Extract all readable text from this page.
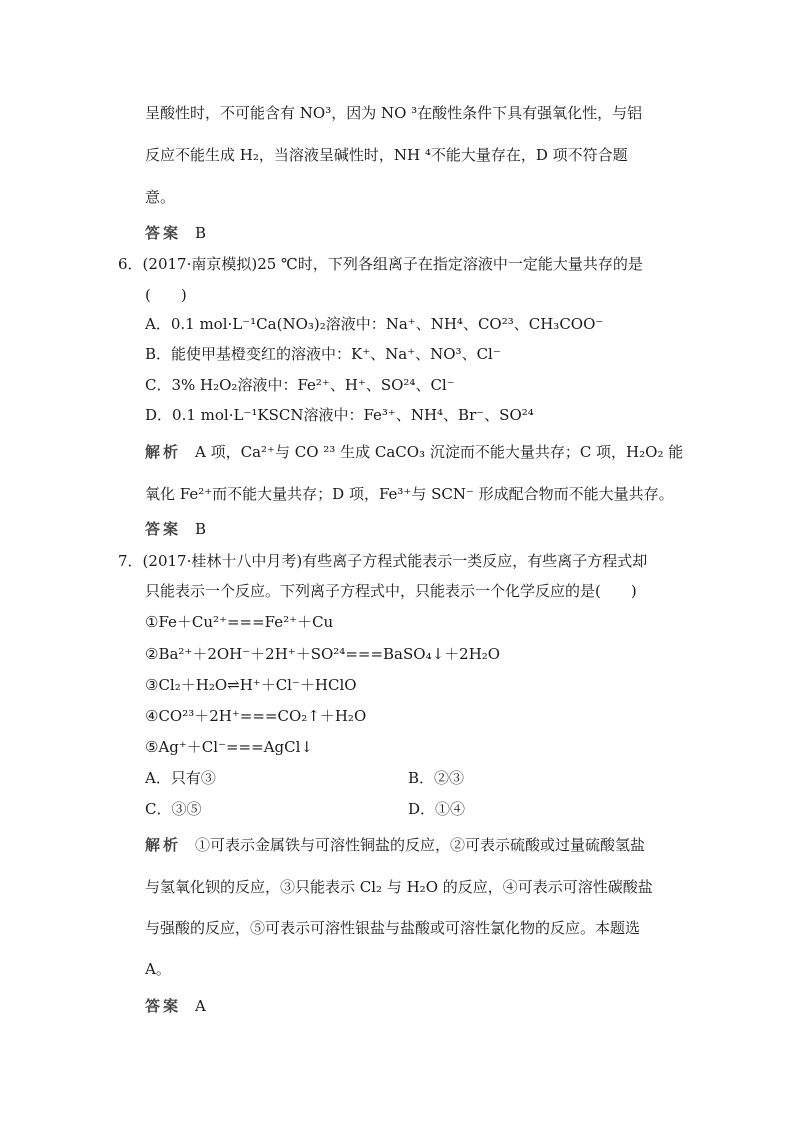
呈酸性时，不可能含有 NO³，因为 NO ³在酸性条件下具有强氧化性，与铝
反应不能生成 H₂，当溶液呈碱性时，NH ⁴不能大量存在，D 项不符合题
意。
答案 B
6．(2017·南京模拟)25 ℃时，下列各组离子在指定溶液中一定能大量共存的是
(　　)
A．0.1 mol·L⁻¹Ca(NO₃)₂溶液中：Na⁺、NH⁴、CO²³、CH₃COO⁻
B．能使甲基橙变红的溶液中：K⁺、Na⁺、NO³、Cl⁻
C．3% H₂O₂溶液中：Fe²⁺、H⁺、SO²⁴、Cl⁻
D．0.1 mol·L⁻¹KSCN溶液中：Fe³⁺、NH⁴、Br⁻、SO²⁴
解析 A 项，Ca²⁺与 CO ²³ 生成 CaCO₃ 沉淀而不能大量共存；C 项，H₂O₂ 能
氧化 Fe²⁺而不能大量共存；D 项，Fe³⁺与 SCN⁻ 形成配合物而不能大量共存。
答案 B
7．(2017·桂林十八中月考)有些离子方程式能表示一类反应，有些离子方程式却
只能表示一个反应。下列离子方程式中，只能表示一个化学反应的是(　　)
①Fe＋Cu²⁺===Fe²⁺＋Cu
②Ba²⁺＋2OH⁻＋2H⁺＋SO²⁴===BaSO₄↓＋2H₂O
③Cl₂＋H₂O⇌H⁺＋Cl⁻＋HClO
④CO²³＋2H⁺===CO₂↑＋H₂O
⑤Ag⁺＋Cl⁻===AgCl↓
A．只有③	B．②③
C．③⑤	D．①④
解析 ①可表示金属铁与可溶性铜盐的反应，②可表示硫酸或过量硫酸氢盐
与氢氧化钡的反应，③只能表示 Cl₂ 与 H₂O 的反应，④可表示可溶性碳酸盐
与强酸的反应，⑤可表示可溶性银盐与盐酸或可溶性氯化物的反应。本题选
A。
答案 A
